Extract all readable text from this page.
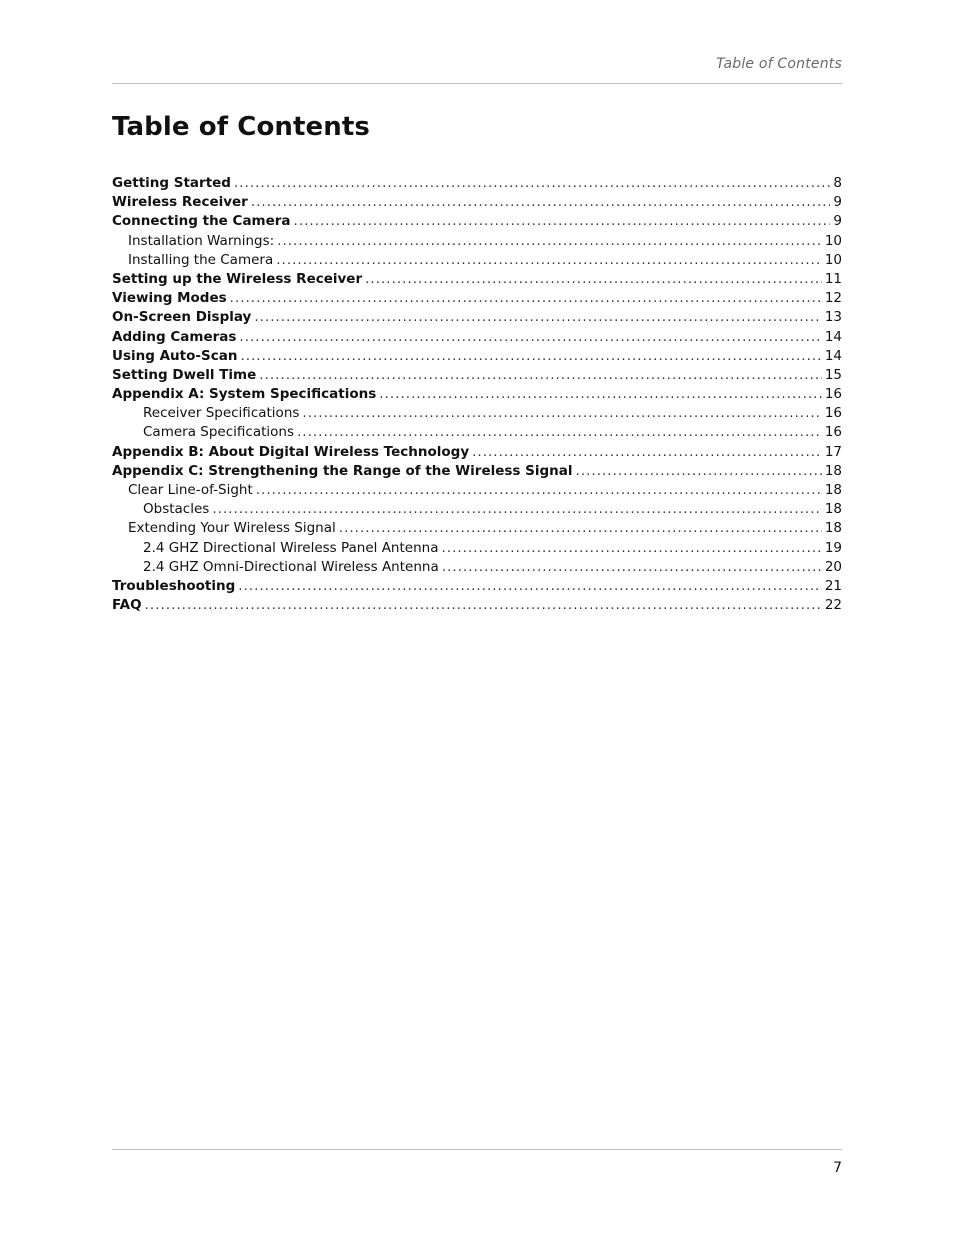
Table of Contents
Table of Contents
Getting Started .....	8
Wireless Receiver .....	9
Connecting the Camera .....	9
Installation Warnings: .....	10
Installing the Camera .....	10
Setting up the Wireless Receiver .....	11
Viewing Modes .....	12
On-Screen Display .....	13
Adding Cameras .....	14
Using Auto-Scan .....	14
Setting Dwell Time .....	15
Appendix A: System Specifications .....	16
Receiver Specifications .....	16
Camera Specifications .....	16
Appendix B: About Digital Wireless Technology .....	17
Appendix C: Strengthening the Range of the Wireless Signal .....	18
Clear Line-of-Sight .....	18
Obstacles .....	18
Extending Your Wireless Signal .....	18
2.4 GHZ Directional Wireless Panel Antenna .....	19
2.4 GHZ Omni-Directional Wireless Antenna .....	20
Troubleshooting .....	21
FAQ .....	22
7
